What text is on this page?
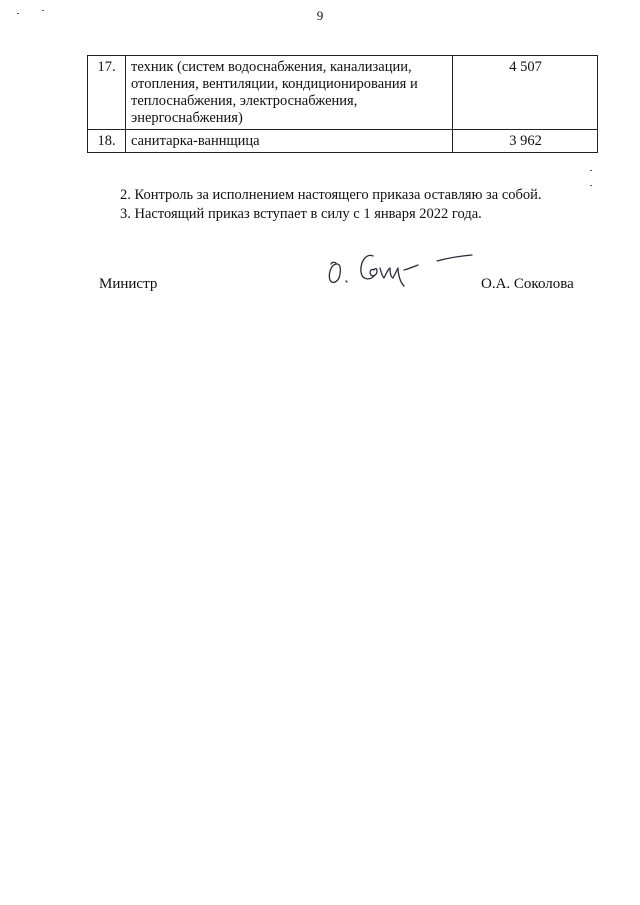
9
17.	техник (систем водоснабжения, канализации,
отопления, вентиляции, кондиционирования и
теплоснабжения, электроснабжения,
энергоснабжения)	4 507
18.	санитарка-ваннщица	3 962
2. Контроль за исполнением настоящего приказа оставляю за собой.
3. Настоящий приказ вступает в силу с 1 января 2022 года.
Министр	О.А. Соколова
